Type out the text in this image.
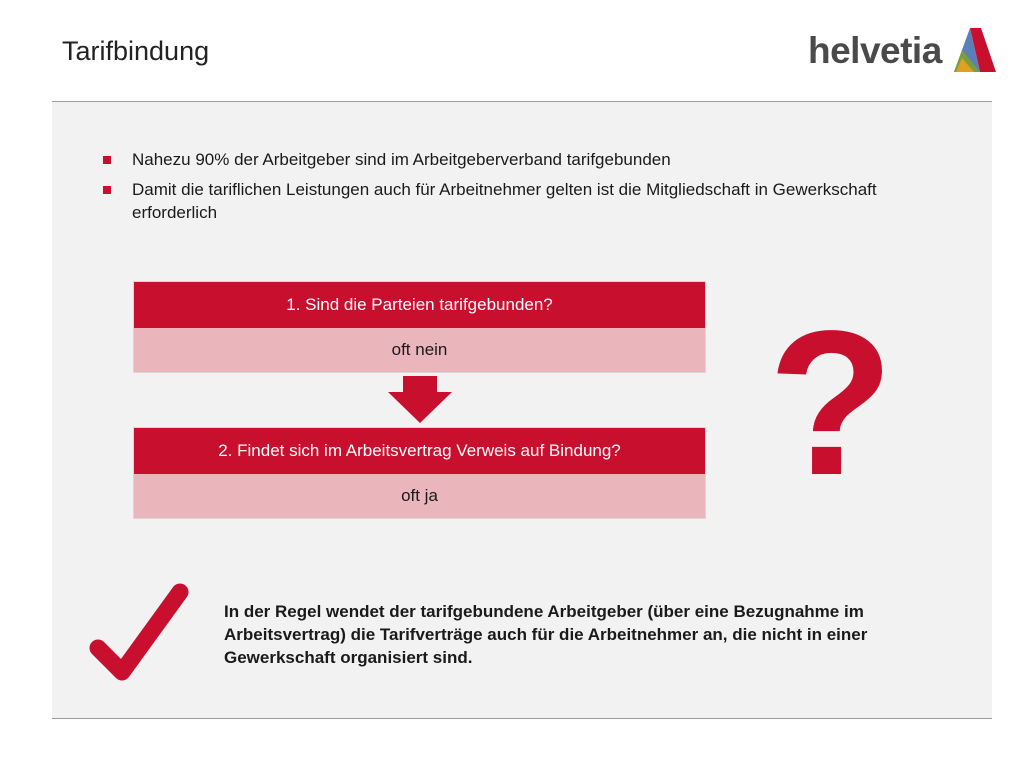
Tarifbindung	helvetia
Nahezu 90% der Arbeitgeber sind im Arbeitgeberverband tarifgebunden
Damit die tariflichen Leistungen auch für Arbeitnehmer gelten ist die Mitgliedschaft in Gewerkschaft erforderlich
1. Sind die Parteien tarifgebunden?
oft nein
2. Findet sich im Arbeitsvertrag Verweis auf Bindung?
oft ja	?
In der Regel wendet der tarifgebundene Arbeitgeber (über eine Bezugnahme im Arbeitsvertrag) die Tarifverträge auch für die Arbeitnehmer an, die nicht in einer Gewerkschaft organisiert sind.
